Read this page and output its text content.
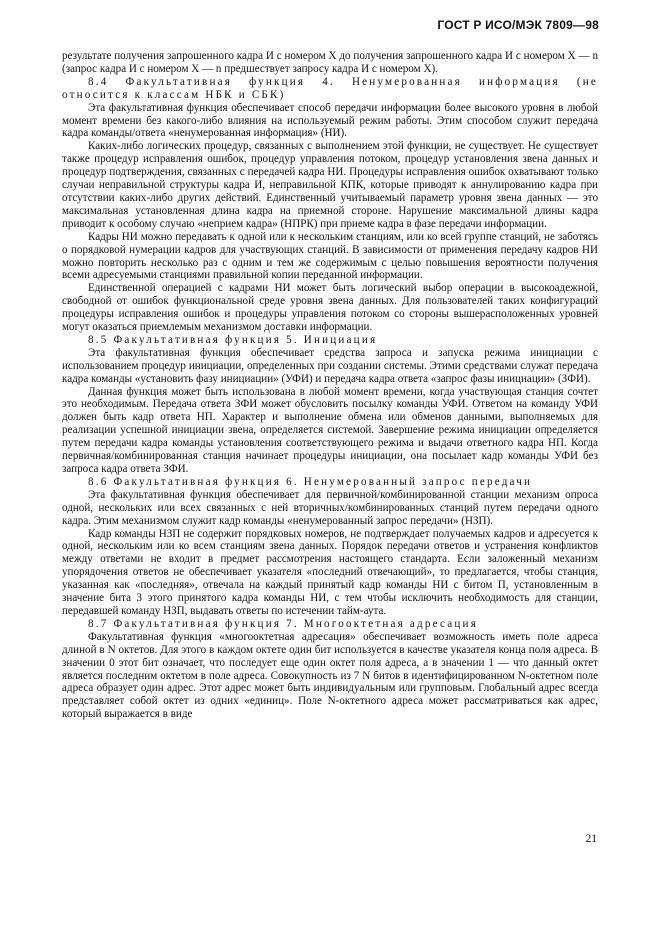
ГОСТ Р ИСО/МЭК 7809—98

результате получения запрошенного кадра И с номером X до получения запрошенного кадра И с номером X — n (запрос кадра И с номером X — n предшествует запросу кадра И с номером X).

8.4 Факультативная функция 4. Ненумерованная информация (не относится к классам НБК и СБК)

Эта факультативная функция обеспечивает способ передачи информации более высокого уровня в любой момент времени без какого-либо влияния на используемый режим работы. Этим способом служит передача кадра команды/ответа «ненумерованная информация» (НИ).

Каких-либо логических процедур, связанных с выполнением этой функции, не существует. Не существует также процедур исправления ошибок, процедур управления потоком, процедур установления звена данных и процедур подтверждения, связанных с передачей кадра НИ. Процедуры исправления ошибок охватывают только случаи неправильной структуры кадра И, неправильной КПК, которые приводят к аннулированию кадра при отсутствии каких-либо других действий. Единственный учитываемый параметр уровня звена данных — это максимальная установленная длина кадра на приемной стороне. Нарушение максимальной длины кадра приводит к особому случаю «неприем кадра» (НПРК) при приеме кадра в фазе передачи информации.

Кадры НИ можно передавать к одной или к нескольким станциям, или ко всей группе станций, не заботясь о порядковой нумерации кадров для участвующих станций. В зависимости от применения передачу кадров НИ можно повторить несколько раз с одним и тем же содержимым с целью повышения вероятности получения всеми адресуемыми станциями правильной копии переданной информации.

Единственной операцией с кадрами НИ может быть логический выбор операции в высокоадежной, свободной от ошибок функциональной среде уровня звена данных. Для пользователей таких конфигураций процедуры исправления ошибок и процедуры управления потоком со стороны вышерасположенных уровней могут оказаться приемлемым механизмом доставки информации.

8.5 Факультативная функция 5. Инициация

Эта факультативная функция обеспечивает средства запроса и запуска режима инициации с использованием процедур инициации, определенных при создании системы. Этими средствами служат передача кадра команды «установить фазу инициации» (УФИ) и передача кадра ответа «запрос фазы инициации» (ЗФИ).

Данная функция может быть использована в любой момент времени, когда участвующая станция сочтет это необходимым. Передача ответа ЗФИ может обусловить посылку команды УФИ. Ответом на команду УФИ должен быть кадр ответа НП. Характер и выполнение обмена или обменов данными, выполняемых для реализации успешной инициации звена, определяется системой. Завершение режима инициации определяется путем передачи кадра команды установления соответствующего режима и выдачи ответного кадра НП. Когда первичная/комбинированная станция начинает процедуры инициации, она посылает кадр команды УФИ без запроса кадра ответа ЗФИ.

8.6 Факультативная функция 6. Ненумерованный запрос передачи

Эта факультативная функция обеспечивает для первичной/комбинированной станции механизм опроса одной, нескольких или всех связанных с ней вторичных/комбинированных станций путем передачи одного кадра. Этим механизмом служит кадр команды «ненумерованный запрос передачи» (НЗП).

Кадр команды НЗП не содержит порядковых номеров, не подтверждает получаемых кадров и адресуется к одной, нескольким или ко всем станциям звена данных. Порядок передачи ответов и устранения конфликтов между ответами не входит в предмет рассмотрения настоящего стандарта. Если заложенный механизм упорядочения ответов не обеспечивает указателя «последний отвечающий», то предлагается, чтобы станция, указанная как «последняя», отвечала на каждый принятый кадр команды НИ с битом П, установленным в значение бита 3 этого принятого кадра команды НИ, с тем чтобы исключить необходимость для станции, передавшей команду НЗП, выдавать ответы по истечении тайм-аута.

8.7 Факультативная функция 7. Многооктетная адресация

Факультативная функция «многооктетная адресация» обеспечивает возможность иметь поле адреса длиной в N октетов. Для этого в каждом октете один бит используется в качестве указателя конца поля адреса. В значении 0 этот бит означает, что последует еще один октет поля адреса, а в значении 1 — что данный октет является последним октетом в поле адреса. Совокупность из 7 N битов в идентифицированном N-октетном поле адреса образует один адрес. Этот адрес может быть индивидуальным или групповым. Глобальный адрес всегда представляет собой октет из одних «единиц». Поле N-октетного адреса может рассматриваться как адрес, который выражается в виде

21
